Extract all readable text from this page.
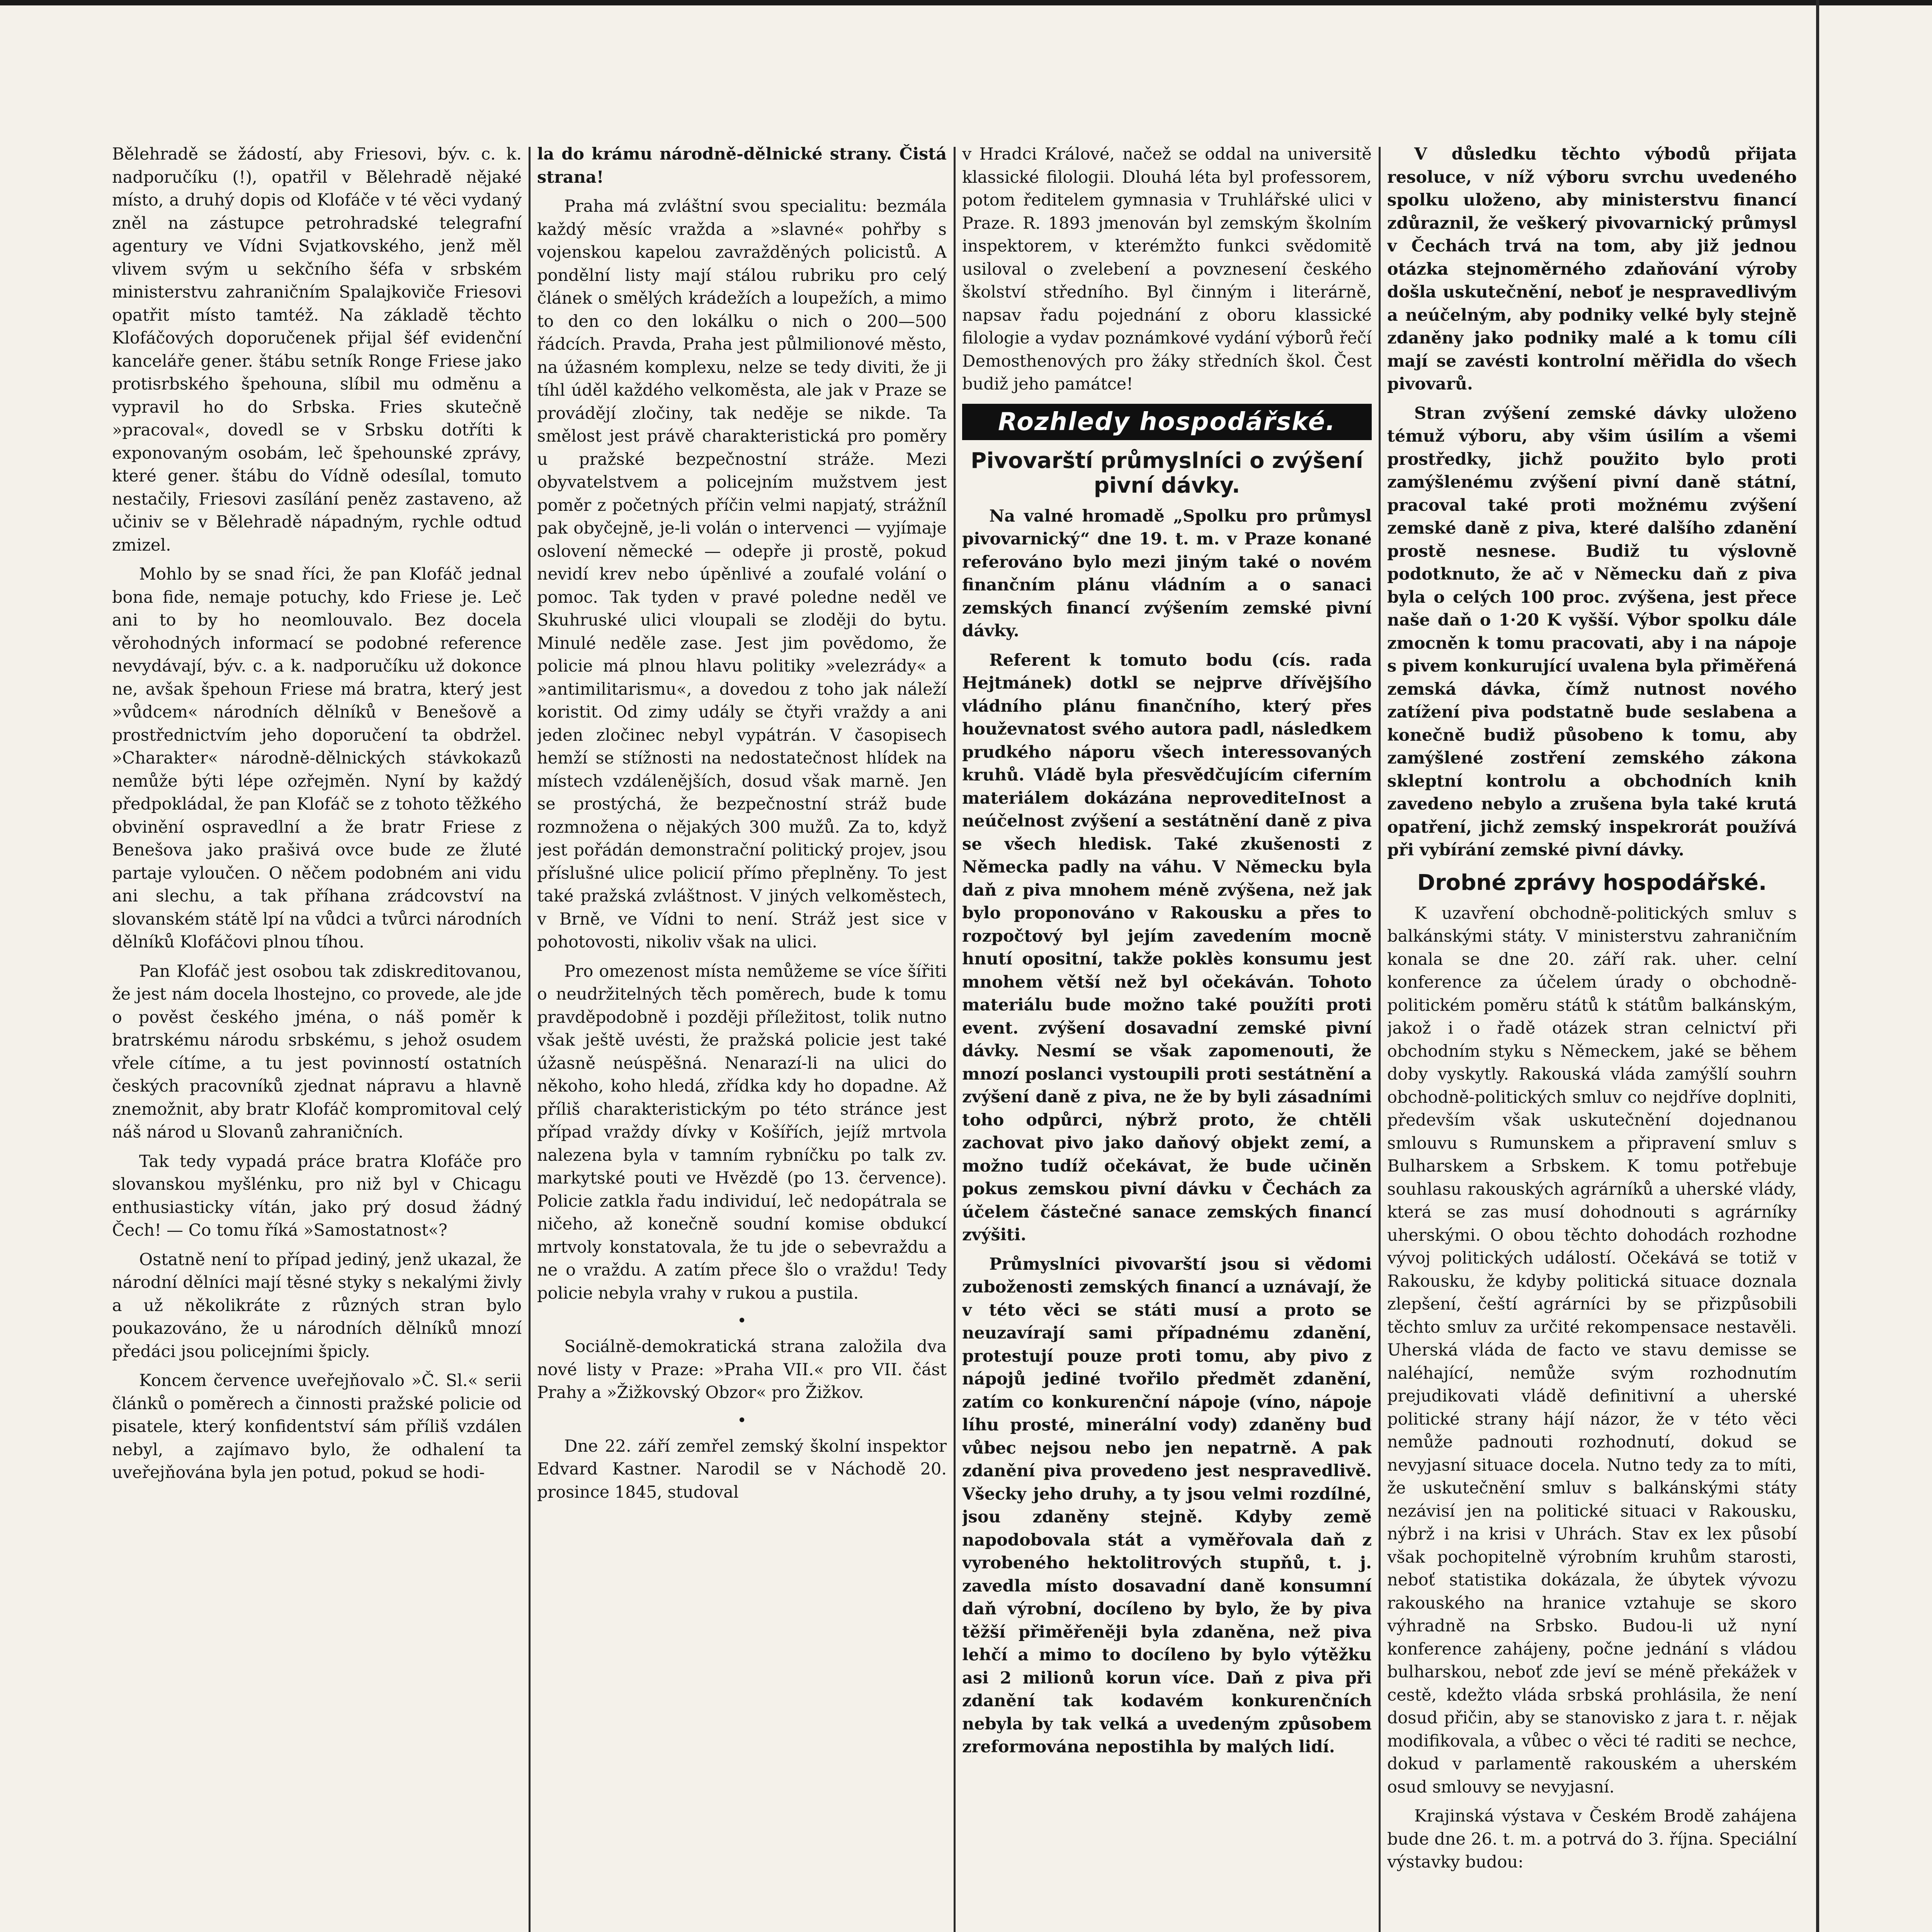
Bělehradě se žádostí, aby Friesovi, býv. c. k. nadporučíku (!), opatřil v Bělehradě nějaké místo, a druhý dopis od Klofáče v té věci vydaný zněl na zástupce petrohradské telegrafní agentury ve Vídni Svjatkovského, jenž měl vlivem svým u sekčního šéfa v srbském ministerstvu zahraničním Spalajkoviče Friesovi opatřit místo tamtéž. Na základě těchto Klofáčových doporučenek přijal šéf evidenční kanceláře gener. štábu setník Ronge Friese jako protisrbského špehouna, slíbil mu odměnu a vypravil ho do Srbska. Fries skutečně »pracoval«, dovedl se v Srbsku dotříti k exponovaným osobám, leč špehounské zprávy, které gener. štábu do Vídně odesílal, tomuto nestačily, Friesovi zasílání peněz zastaveno, až učiniv se v Bělehradě nápadným, rychle odtud zmizel.

Mohlo by se snad říci, že pan Klofáč jednal bona fide, nemaje potuchy, kdo Friese je. Leč ani to by ho neomlouvalo. Bez docela věrohodných informací se podobné reference nevydávají, býv. c. a k. nadporučíku už dokonce ne, avšak špehoun Friese má bratra, který jest »vůdcem« národních dělníků v Benešově a prostřednictvím jeho doporučení ta obdržel. »Charakter« národně-dělnických stávkokazů nemůže býti lépe ozřejměn. Nyní by každý předpokládal, že pan Klofáč se z tohoto těžkého obvinění ospravedlní a že bratr Friese z Benešova jako prašivá ovce bude ze žluté partaje vyloučen. O něčem podobném ani vidu ani slechu, a tak příhana zrádcovství na slovanském státě lpí na vůdci a tvůrci národních dělníků Klofáčovi plnou tíhou.

Pan Klofáč jest osobou tak zdiskreditovanou, že jest nám docela lhostejno, co provede, ale jde o pověst českého jména, o náš poměr k bratrskému národu srbskému, s jehož osudem vřele cítíme, a tu jest povinností ostatních českých pracovníků zjednat nápravu a hlavně znemožnit, aby bratr Klofáč kompromitoval celý náš národ u Slovanů zahraničních.

Tak tedy vypadá práce bratra Klofáče pro slovanskou myšlénku, pro niž byl v Chicagu enthusiasticky vítán, jako prý dosud žádný Čech! — Co tomu říká »Samostatnost«?

Ostatně není to případ jediný, jenž ukazal, že národní dělníci mají těsné styky s nekalými živly a už několikráte z různých stran bylo poukazováno, že u národních dělníků mnozí předáci jsou policejními špicly.

Koncem července uveřejňovalo »Č. Sl.« serii článků o poměrech a činnosti pražské policie od pisatele, který konfidentství sám příliš vzdálen nebyl, a zajímavo bylo, že odhalení ta uveřejňována byla jen potud, pokud se hodi-

la do krámu národně-dělnické strany. Čistá strana!

Praha má zvláštní svou specialitu: bezmála každý měsíc vražda a »slavné« pohřby s vojenskou kapelou zavražděných policistů. A pondělní listy mají stálou rubriku pro celý článek o smělých krádežích a loupežích, a mimo to den co den lokálku o nich o 200—500 řádcích. Pravda, Praha jest půlmilionové město, na úžasném komplexu, nelze se tedy diviti, že ji tíhl úděl každého velkoměsta, ale jak v Praze se provádějí zločiny, tak neděje se nikde. Ta smělost jest právě charakteristická pro poměry u pražské bezpečnostní stráže. Mezi obyvatelstvem a policejním mužstvem jest poměr z početných příčin velmi napjatý, strážníl pak obyčejně, je-li volán o intervenci — vyjímaje oslovení německé — odepře ji prostě, pokud nevidí krev nebo úpěnlivé a zoufalé volání o pomoc. Tak tyden v pravé poledne neděl ve Skuhruské ulici vloupali se zloději do bytu. Minulé neděle zase. Jest jim povědomo, že policie má plnou hlavu politiky »velezrády« a »antimilitarismu«, a dovedou z toho jak náleží koristit. Od zimy udály se čtyři vraždy a ani jeden zločinec nebyl vypátrán. V časopisech hemží se stížnosti na nedostatečnost hlídek na místech vzdálenějších, dosud však marně. Jen se prostýchá, že bezpečnostní stráž bude rozmnožena o nějakých 300 mužů. Za to, když jest pořádán demonstrační politický projev, jsou příslušné ulice policií přímo přeplněny. To jest také pražská zvláštnost. V jiných velkoměstech, v Brně, ve Vídni to není. Stráž jest sice v pohotovosti, nikoliv však na ulici.

Pro omezenost místa nemůžeme se více šířiti o neudržitelných těch poměrech, bude k tomu pravděpodobně i později příležitost, tolik nutno však ještě uvésti, že pražská policie jest také úžasně neúspěšná. Nenarazí-li na ulici do někoho, koho hledá, zřídka kdy ho dopadne. Až příliš charakteristickým po této stránce jest případ vraždy dívky v Košířích, jejíž mrtvola nalezena byla v tamním rybníčku po talk zv. markytské pouti ve Hvězdě (po 13. července). Policie zatkla řadu individuí, leč nedopátrala se ničeho, až konečně soudní komise obdukcí mrtvoly konstatovala, že tu jde o sebevraždu a ne o vraždu. A zatím přece šlo o vraždu! Tedy policie nebyla vrahy v rukou a pustila.

•

Sociálně-demokratická strana založila dva nové listy v Praze: »Praha VII.« pro VII. část Prahy a »Žižkovský Obzor« pro Žižkov.

•

Dne 22. září zemřel zemský školní inspektor Edvard Kastner. Narodil se v Náchodě 20. prosince 1845, studoval

v Hradci Králové, načež se oddal na universitě klassické filologii. Dlouhá léta byl professorem, potom ředitelem gymnasia v Truhlářské ulici v Praze. R. 1893 jmenován byl zemským školním inspektorem, v kterémžto funkci svědomitě usiloval o zvelebení a povznesení českého školství středního. Byl činným i literárně, napsav řadu pojednání z oboru klassické filologie a vydav poznámkové vydání výborů řečí Demosthenových pro žáky středních škol. Čest budiž jeho památce!

Rozhledy hospodářské.
Pivovarští průmyslníci o zvýšení pivní dávky.

Na valné hromadě „Spolku pro průmysl pivovarnický“ dne 19. t. m. v Praze konané referováno bylo mezi jiným také o novém finančním plánu vládním a o sanaci zemských financí zvýšením zemské pivní dávky.

Referent k tomuto bodu (cís. rada Hejtmánek) dotkl se nejprve dřívějšího vládního plánu finančního, který přes houževnatost svého autora padl, následkem prudkého náporu všech interessovaných kruhů. Vládě byla přesvědčujícím ciferním materiálem dokázána neprovediteInost a neúčelnost zvýšení a sestátnění daně z piva se všech hledisk. Také zkušenosti z Německa padly na váhu. V Německu byla daň z piva mnohem méně zvýšena, než jak bylo proponováno v Rakousku a přes to rozpočtový byl jejím zavedením mocně hnutí opositní, takže poklès konsumu jest mnohem větší než byl očekáván. Tohoto materiálu bude možno také použíti proti event. zvýšení dosavadní zemské pivní dávky. Nesmí se však zapomenouti, že mnozí poslanci vystoupili proti sestátnění a zvýšení daně z piva, ne že by byli zásadními toho odpůrci, nýbrž proto, že chtěli zachovat pivo jako daňový objekt zemí, a možno tudíž očekávat, že bude učiněn pokus zemskou pivní dávku v Čechách za účelem částečné sanace zemských financí zvýšiti.

Průmyslníci pivovarští jsou si vědomi zuboženosti zemských financí a uznávají, že v této věci se státi musí a proto se neuzavírají sami případnému zdanění, protestují pouze proti tomu, aby pivo z nápojů jediné tvořilo předmět zdanění, zatím co konkurenční nápoje (víno, nápoje líhu prosté, minerální vody) zdaněny buď vůbec nejsou nebo jen nepatrně. A pak zdanění piva provedeno jest nespravedlivě. Všecky jeho druhy, a ty jsou velmi rozdílné, jsou zdaněny stejně. Kdyby země napodobovala stát a vyměřovala daň z vyrobeného hektolitrových stupňů, t. j. zavedla místo dosavadní daně konsumní daň výrobní, docíleno by bylo, že by piva těžší přiměřeněji byla zdaněna, než piva lehčí a mimo to docíleno by bylo výtěžku asi 2 milionů korun více. Daň z piva při zdanění tak kodavém konkurenčních nebyla by tak velká a uvedeným způsobem zreformována nepostihla by malých lidí.

V důsledku těchto výbodů přijata resoluce, v níž výboru svrchu uvedeného spolku uloženo, aby ministerstvu financí zdůraznil, že veškerý pivovarnický průmysl v Čechách trvá na tom, aby již jednou otázka stejnoměrného zdaňování výroby došla uskutečnění, neboť je nespravedlivým a neúčelným, aby podniky velké byly stejně zdaněny jako podniky malé a k tomu cíli mají se zavésti kontrolní měřidla do všech pivovarů.

Stran zvýšení zemské dávky uloženo témuž výboru, aby všim úsilím a všemi prostředky, jichž použito bylo proti zamýšlenému zvýšení pivní daně státní, pracoval také proti možnému zvýšení zemské daně z piva, které dalšího zdanění prostě nesnese. Budiž tu výslovně podotknuto, že ač v Německu daň z piva byla o celých 100 proc. zvýšena, jest přece naše daň o 1·20 K vyšší. Výbor spolku dále zmocněn k tomu pracovati, aby i na nápoje s pivem konkurující uvalena byla přiměřená zemská dávka, čímž nutnost nového zatížení piva podstatně bude seslabena a konečně budiž působeno k tomu, aby zamýšlené zostření zemského zákona skleptní kontrolu a obchodních knih zavedeno nebylo a zrušena byla také krutá opatření, jichž zemský inspekrorát používá při vybírání zemské pivní dávky.

Drobné zprávy hospodářské.

K uzavření obchodně-politických smluv s balkánskými státy. V ministerstvu zahraničním konala se dne 20. září rak. uher. celní konference za účelem úrady o obchodně-politickém poměru států k státům balkánským, jakož i o řadě otázek stran celnictví při obchodním styku s Německem, jaké se během doby vyskytly. Rakouská vláda zamýšlí souhrn obchodně-politických smluv co nejdříve doplniti, především však uskutečnění dojednanou smlouvu s Rumunskem a připravení smluv s Bulharskem a Srbskem. K tomu potřebuje souhlasu rakouských agrárníků a uherské vlády, která se zas musí dohodnouti s agrárníky uherskými. O obou těchto dohodách rozhodne vývoj politických událostí. Očekává se totiž v Rakousku, že kdyby politická situace doznala zlepšení, čeští agrárníci by se přizpůsobili těchto smluv za určité rekompensace nestavěli. Uherská vláda de facto ve stavu demisse se naléhající, nemůže svým rozhodnutím prejudikovati vládě definitivní a uherské politické strany hájí názor, že v této věci nemůže padnouti rozhodnutí, dokud se nevyjasní situace docela. Nutno tedy za to míti, že uskutečnění smluv s balkánskými státy nezávisí jen na politické situaci v Rakousku, nýbrž i na krisi v Uhrách. Stav ex lex působí však pochopitelně výrobním kruhům starosti, neboť statistika dokázala, že úbytek vývozu rakouského na hranice vztahuje se skoro výhradně na Srbsko. Budou-li už nyní konference zahájeny, počne jednání s vládou bulharskou, neboť zde jeví se méně překážek v cestě, kdežto vláda srbská prohlásila, že není dosud přičin, aby se stanovisko z jara t. r. nějak modifikovala, a vůbec o věci té raditi se nechce, dokud v parlamentě rakouském a uherském osud smlouvy se nevyjasní.

Krajinská výstava v Českém Brodě zahájena bude dne 26. t. m. a potrvá do 3. října. Speciální výstavky budou:
